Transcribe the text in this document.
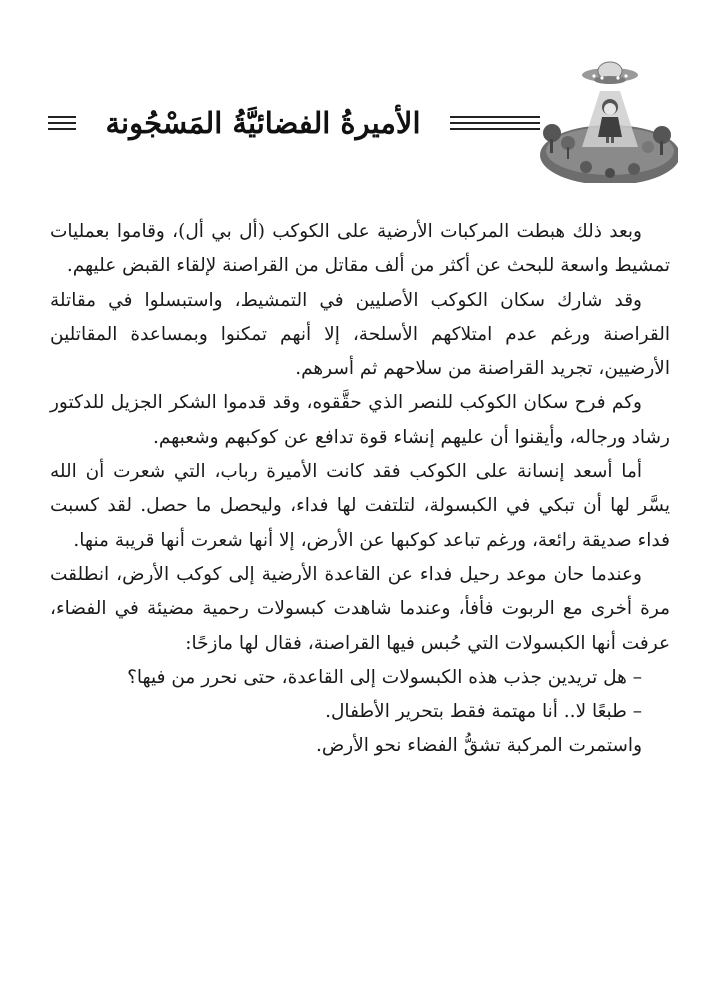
الأميرةُ الفضائيَّةُ المَسْجُونة

وبعد ذلك هبطت المركبات الأرضية على الكوكب (أل بي أل)، وقاموا بعمليات تمشيط واسعة للبحث عن أكثر من ألف مقاتل من القراصنة لإلقاء القبض عليهم.

وقد شارك سكان الكوكب الأصليين في التمشيط، واستبسلوا في مقاتلة القراصنة ورغم عدم امتلاكهم الأسلحة، إلا أنهم تمكنوا وبمساعدة المقاتلين الأرضيين، تجريد القراصنة من سلاحهم ثم أسرهم.

وكم فرح سكان الكوكب للنصر الذي حقَّقوه، وقد قدموا الشكر الجزيل للدكتور رشاد ورجاله، وأيقنوا أن عليهم إنشاء قوة تدافع عن كوكبهم وشعبهم.

أما أسعد إنسانة على الكوكب فقد كانت الأميرة رباب، التي شعرت أن الله يسَّر لها أن تبكي في الكبسولة، لتلتفت لها فداء، وليحصل ما حصل. لقد كسبت فداء صديقة رائعة، ورغم تباعد كوكبها عن الأرض، إلا أنها شعرت أنها قريبة منها.

وعندما حان موعد رحيل فداء عن القاعدة الأرضية إلى كوكب الأرض، انطلقت مرة أخرى مع الربوت فأفأ، وعندما شاهدت كبسولات رحمية مضيئة في الفضاء، عرفت أنها الكبسولات التي حُبس فيها القراصنة، فقال لها مازحًا:

– هل تريدين جذب هذه الكبسولات إلى القاعدة، حتى نحرر من فيها؟

– طبعًا لا.. أنا مهتمة فقط بتحرير الأطفال.

واستمرت المركبة تشقُّ الفضاء نحو الأرض.
